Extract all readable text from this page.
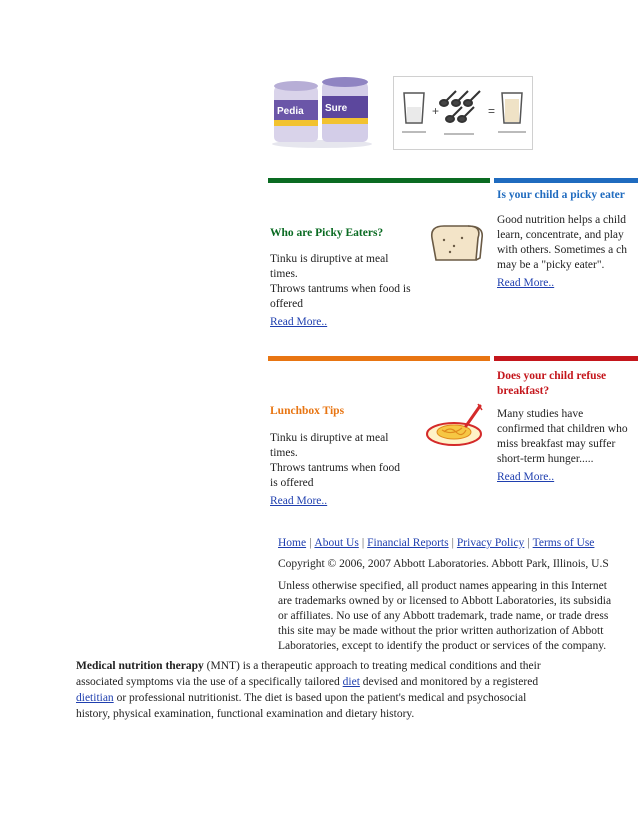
Pedia Sure	+	=
Who are Picky Eaters?
Tinku is diruptive at meal
times.
Throws tantrums when food is
offered
Read More..
Is your child a picky eater
Good nutrition helps a child
learn, concentrate, and play
with others. Sometimes a ch
may be a "picky eater".
Read More..
Lunchbox Tips
Tinku is diruptive at meal
times.
Throws tantrums when food
is offered
Read More..
Does your child refuse
breakfast?
Many studies have
confirmed that children who
miss breakfast may suffer
short-term hunger.....
Read More..
Home | About Us | Financial Reports | Privacy Policy | Terms of Use
Copyright © 2006, 2007 Abbott Laboratories. Abbott Park, Illinois, U.S
Unless otherwise specified, all product names appearing in this Internet
are trademarks owned by or licensed to Abbott Laboratories, its subsidia
or affiliates. No use of any Abbott trademark, trade name, or trade dress
this site may be made without the prior written authorization of Abbott
Laboratories, except to identify the product or services of the company.
Medical nutrition therapy (MNT) is a therapeutic approach to treating medical conditions and their associated symptoms via the use of a specifically tailored diet devised and monitored by a registered dietitian or professional nutritionist. The diet is based upon the patient's medical and psychosocial history, physical examination, functional examination and dietary history.
